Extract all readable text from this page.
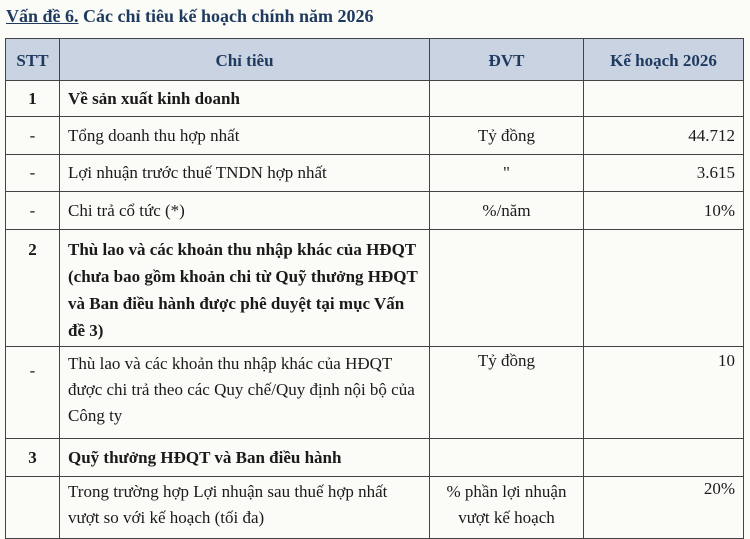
Vấn đề 6. Các chỉ tiêu kế hoạch chính năm 2026
STT	Chỉ tiêu	ĐVT	Kế hoạch 2026
1	Về sản xuất kinh doanh		
-	Tổng doanh thu hợp nhất	Tỷ đồng	44.712
-	Lợi nhuận trước thuế TNDN hợp nhất	"	3.615
-	Chi trả cổ tức (*)	%/năm	10%
2	Thù lao và các khoản thu nhập khác của HĐQT (chưa bao gồm khoản chi từ Quỹ thưởng HĐQT và Ban điều hành được phê duyệt tại mục Vấn đề 3)		
-	Thù lao và các khoản thu nhập khác của HĐQT được chi trả theo các Quy chế/Quy định nội bộ của Công ty	Tỷ đồng	10
3	Quỹ thưởng HĐQT và Ban điều hành		
	Trong trường hợp Lợi nhuận sau thuế hợp nhất vượt so với kế hoạch (tối đa)	% phần lợi nhuận vượt kế hoạch	20%
